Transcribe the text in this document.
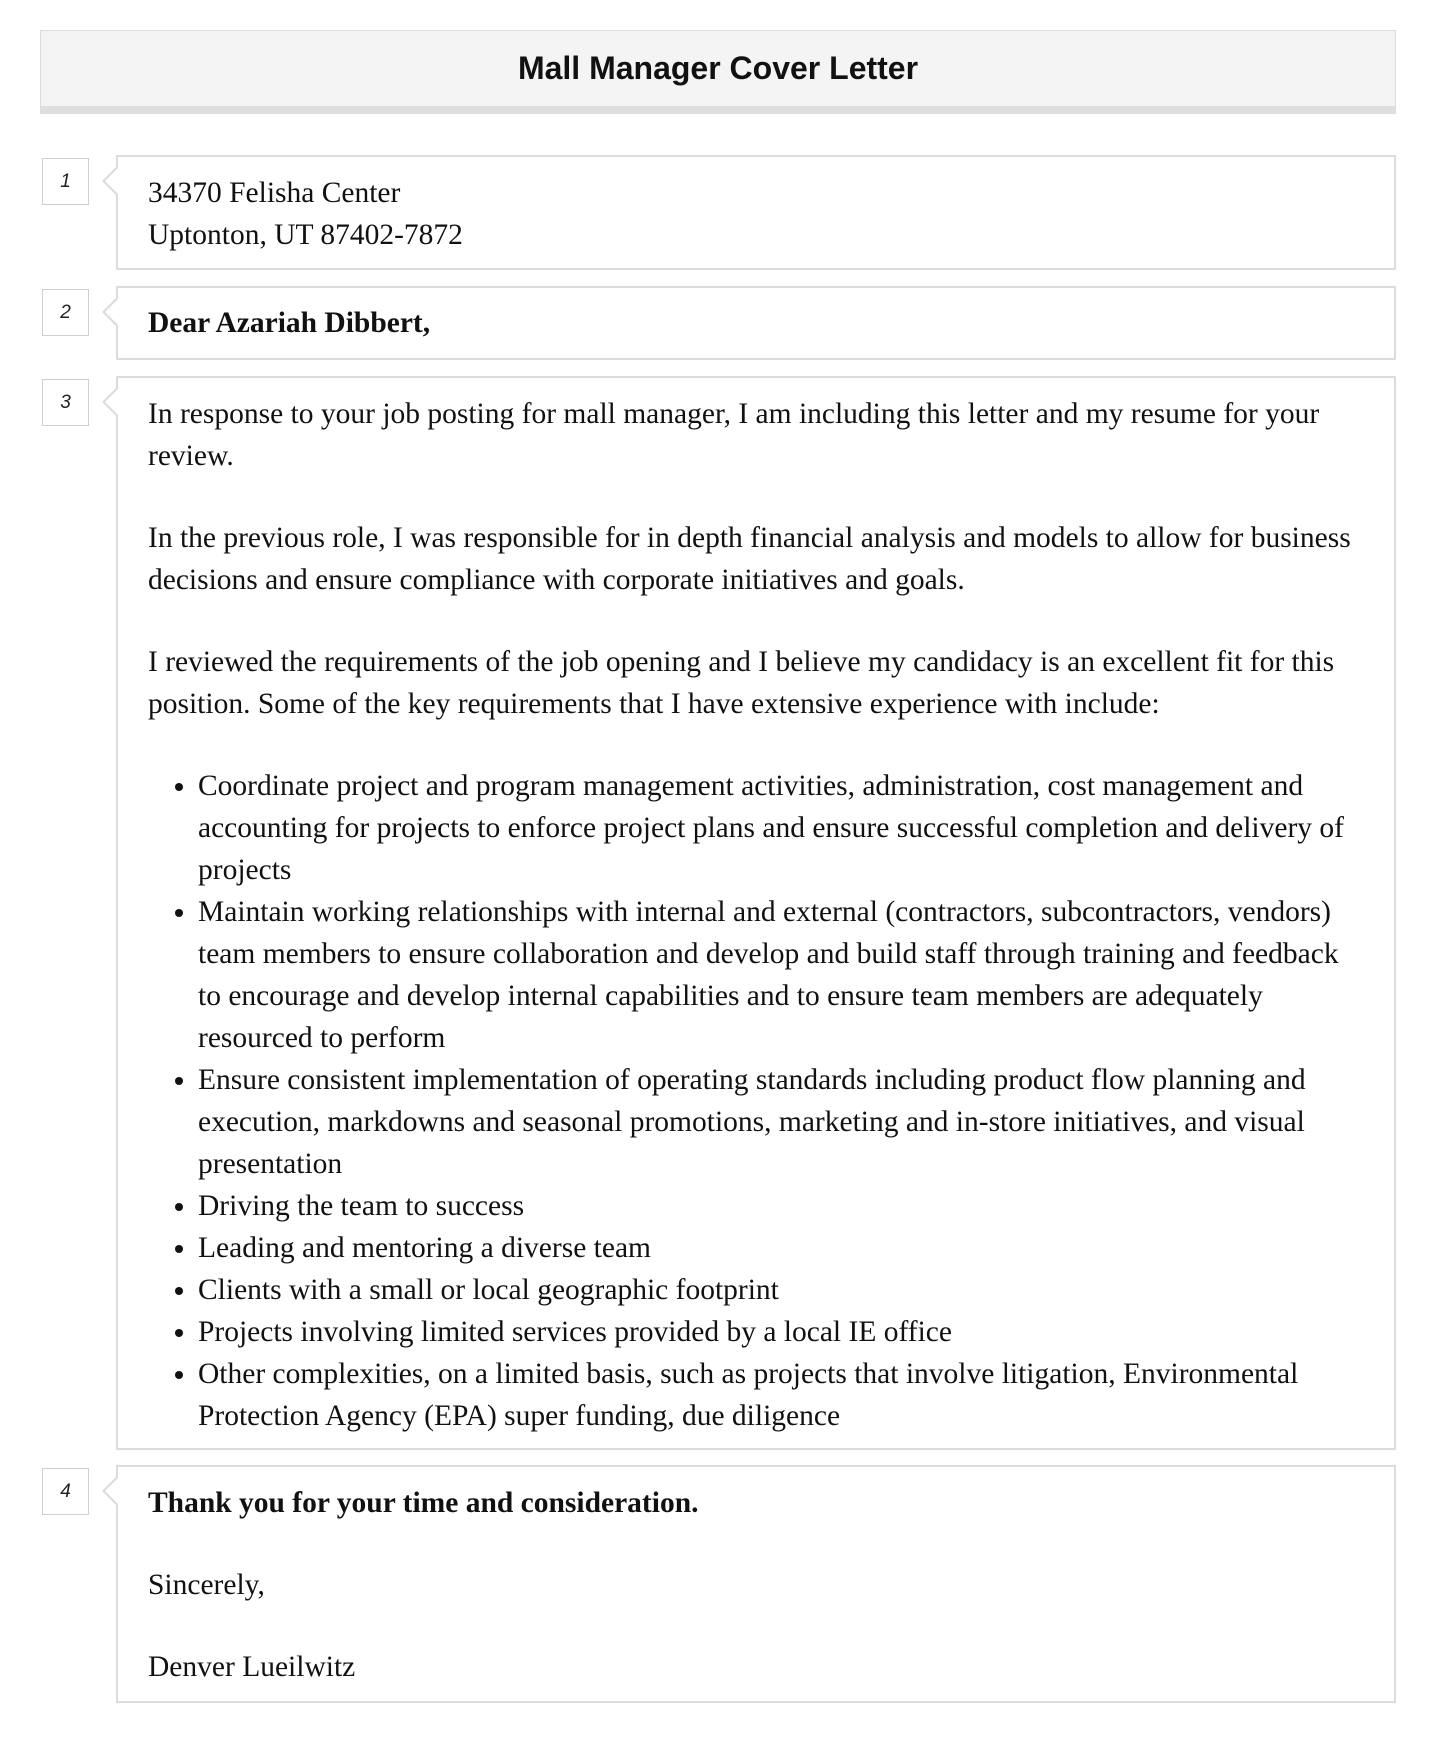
Mall Manager Cover Letter
1	34370 Felisha Center

Uptonton, UT 87402-7872

2	Dear Azariah Dibbert,

3	In response to your job posting for mall manager, I am including this letter and my resume for your review.

In the previous role, I was responsible for in depth financial analysis and models to allow for business decisions and ensure compliance with corporate initiatives and goals.

I reviewed the requirements of the job opening and I believe my candidacy is an excellent fit for this position. Some of the key requirements that I have extensive experience with include:

• Coordinate project and program management activities, administration, cost management and accounting for projects to enforce project plans and ensure successful completion and delivery of projects
• Maintain working relationships with internal and external (contractors, subcontractors, vendors) team members to ensure collaboration and develop and build staff through training and feedback to encourage and develop internal capabilities and to ensure team members are adequately resourced to perform
• Ensure consistent implementation of operating standards including product flow planning and execution, markdowns and seasonal promotions, marketing and in-store initiatives, and visual presentation
• Driving the team to success
• Leading and mentoring a diverse team
• Clients with a small or local geographic footprint
• Projects involving limited services provided by a local IE office
• Other complexities, on a limited basis, such as projects that involve litigation, Environmental Protection Agency (EPA) super funding, due diligence
4	Thank you for your time and consideration.

Sincerely,

Denver Lueilwitz
